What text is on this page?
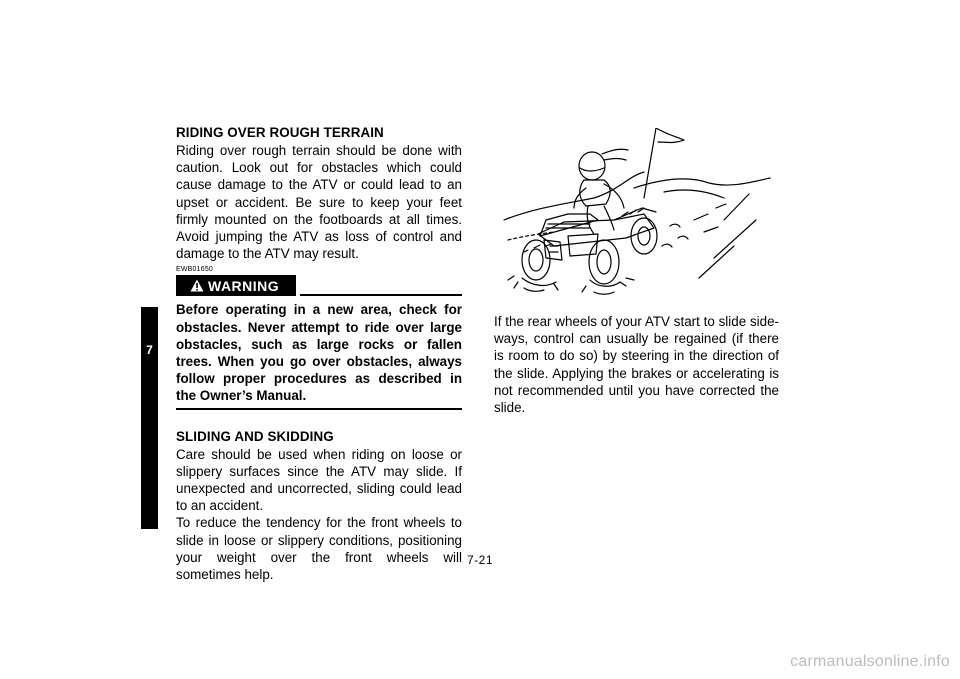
7
RIDING OVER ROUGH TERRAIN

Riding over rough terrain should be done with caution. Look out for obstacles which could cause damage to the ATV or could lead to an upset or accident. Be sure to keep your feet firmly mounted on the footboards at all times. Avoid jumping the ATV as loss of control and damage to the ATV may result.

EWB01650
WARNING

Before operating in a new area, check for obstacles. Never attempt to ride over large obstacles, such as large rocks or fallen trees. When you go over obstacles, always follow proper procedures as described in the Owner’s Manual.

SLIDING AND SKIDDING

Care should be used when riding on loose or slippery surfaces since the ATV may slide. If unexpected and uncorrected, sliding could lead to an accident.

To reduce the tendency for the front wheels to slide in loose or slippery conditions, positioning your weight over the front wheels will sometimes help.

If the rear wheels of your ATV start to slide sideways, control can usually be regained (if there is room to do so) by steering in the direction of the slide. Applying the brakes or accelerating is not recommended until you have corrected the slide.

7-21
carmanualsonline.info
